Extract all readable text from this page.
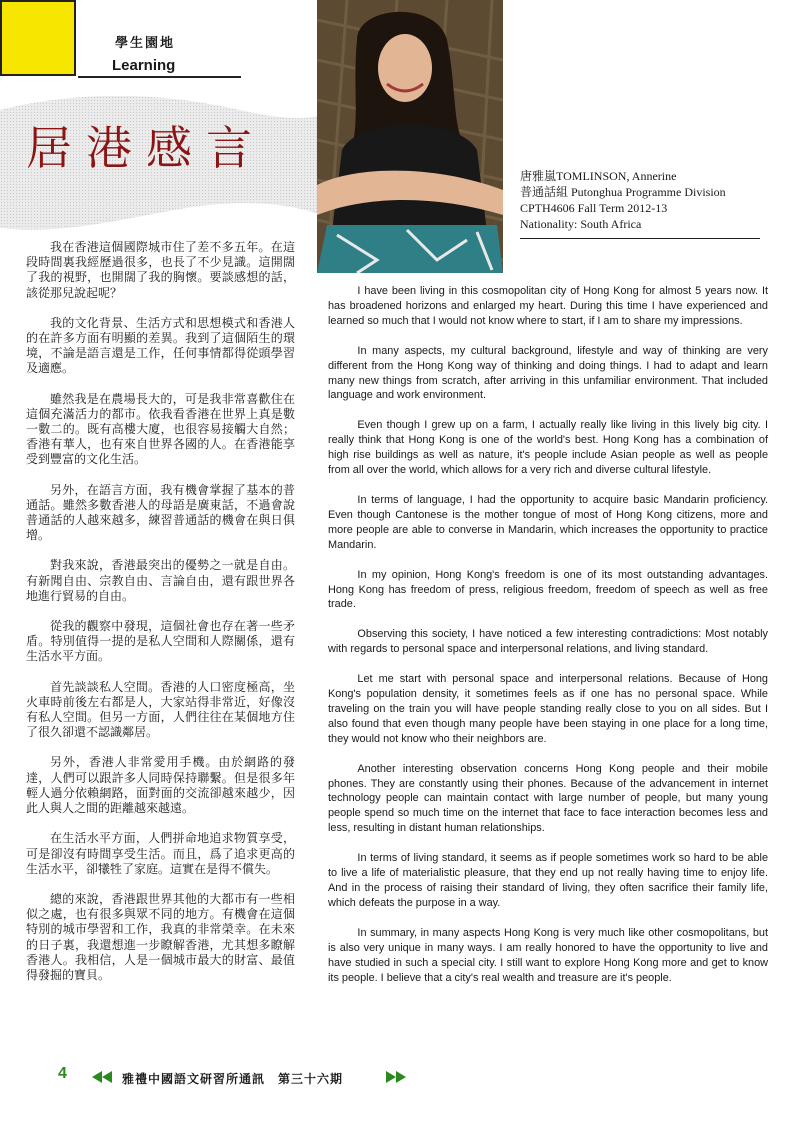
學生園地
Learning
居港感言
唐雅嵐TOMLINSON, Annerine
普通話組 Putonghua Programme Division
CPTH4606 Fall Term 2012-13
Nationality: South Africa

我在香港這個國際城市住了差不多五年。在這段時間裏我經歷過很多，也長了不少見識。這開闊了我的視野，也開闊了我的胸懷。要談感想的話，該從那兒說起呢？

我的文化背景、生活方式和思想模式和香港人的在許多方面有明顯的差異。我到了這個陌生的環境，不論是語言還是工作，任何事情都得從頭學習及適應。

雖然我是在農場長大的，可是我非常喜歡住在這個充滿活力的都市。依我看香港在世界上真是數一數二的。既有高樓大廈，也很容易接觸大自然；香港有華人，也有來自世界各國的人。在香港能享受到豐富的文化生活。

另外，在語言方面，我有機會掌握了基本的普通話。雖然多數香港人的母語是廣東話，不過會說普通話的人越來越多，練習普通話的機會在與日俱增。

對我來說，香港最突出的優勢之一就是自由。有新聞自由、宗教自由、言論自由，還有跟世界各地進行貿易的自由。

從我的觀察中發現，這個社會也存在著一些矛盾。特別值得一提的是私人空間和人際關係，還有生活水平方面。

首先談談私人空間。香港的人口密度極高，坐火車時前後左右都是人，大家站得非常近，好像沒有私人空間。但另一方面，人們往往在某個地方住了很久卻還不認識鄰居。

另外，香港人非常愛用手機。由於網路的發達，人們可以跟許多人同時保持聯繫。但是很多年輕人過分依賴網路，面對面的交流卻越來越少，因此人與人之間的距離越來越遠。

在生活水平方面，人們拼命地追求物質享受，可是卻沒有時間享受生活。而且，爲了追求更高的生活水平，卻犧牲了家庭。這實在是得不償失。

總的來說，香港跟世界其他的大都市有一些相似之處，也有很多與眾不同的地方。有機會在這個特別的城市學習和工作，我真的非常榮幸。在未來的日子裏，我還想進一步瞭解香港，尤其想多瞭解香港人。我相信，人是一個城市最大的財富、最值得發掘的寶貝。

I have been living in this cosmopolitan city of Hong Kong for almost 5 years now. It has broadened horizons and enlarged my heart. During this time I have experienced and learned so much that I would not know where to start, if I am to share my impressions.

In many aspects, my cultural background, lifestyle and way of thinking are very different from the Hong Kong way of thinking and doing things. I had to adapt and learn many new things from scratch, after arriving in this unfamiliar environment. That included language and work environment.

Even though I grew up on a farm, I actually really like living in this lively big city. I really think that Hong Kong is one of the world's best. Hong Kong has a combination of high rise buildings as well as nature, it's people include Asian people as well as people from all over the world, which allows for a very rich and diverse cultural lifestyle.

In terms of language, I had the opportunity to acquire basic Mandarin proficiency. Even though Cantonese is the mother tongue of most of Hong Kong citizens, more and more people are able to converse in Mandarin, which increases the opportunity to practice Mandarin.

In my opinion, Hong Kong's freedom is one of its most outstanding advantages. Hong Kong has freedom of press, religious freedom, freedom of speech as well as free trade.

Observing this society, I have noticed a few interesting contradictions: Most notably with regards to personal space and interpersonal relations, and living standard.

Let me start with personal space and interpersonal relations. Because of Hong Kong's population density, it sometimes feels as if one has no personal space. While traveling on the train you will have people standing really close to you on all sides. But I also found that even though many people have been staying in one place for a long time, they would not know who their neighbors are.

Another interesting observation concerns Hong Kong people and their mobile phones. They are constantly using their phones. Because of the advancement in internet technology people can maintain contact with large number of people, but many young people spend so much time on the internet that face to face interaction becomes less and less, resulting in distant human relationships.

In terms of living standard, it seems as if people sometimes work so hard to be able to live a life of materialistic pleasure, that they end up not really having time to enjoy life. And in the process of raising their standard of living, they often sacrifice their family life, which defeats the purpose in a way.

In summary, in many aspects Hong Kong is very much like other cosmopolitans, but is also very unique in many ways. I am really honored to have the opportunity to live and have studied in such a special city. I still want to explore Hong Kong more and get to know its people. I believe that a city's real wealth and treasure are it's people.

4	雅禮中國語文研習所通訊　第三十六期
